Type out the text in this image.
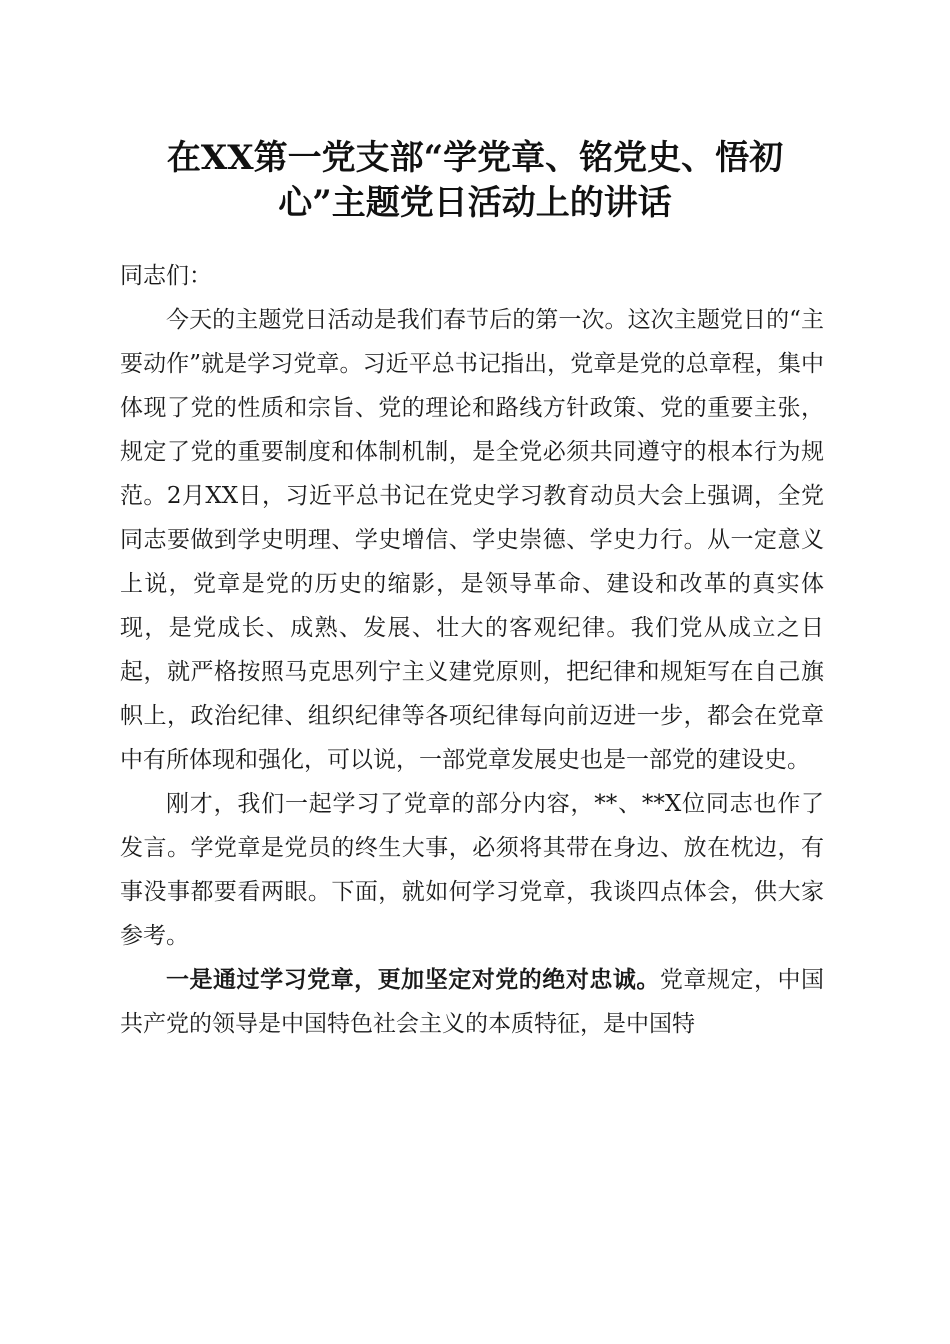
在XX第一党支部“学党章、铭党史、悟初
心”主题党日活动上的讲话

同志们：

今天的主题党日活动是我们春节后的第一次。这次主题党日的“主要动作”就是学习党章。习近平总书记指出，党章是党的总章程，集中体现了党的性质和宗旨、党的理论和路线方针政策、党的重要主张，规定了党的重要制度和体制机制，是全党必须共同遵守的根本行为规范。2月XX日，习近平总书记在党史学习教育动员大会上强调，全党同志要做到学史明理、学史增信、学史崇德、学史力行。从一定意义上说，党章是党的历史的缩影，是领导革命、建设和改革的真实体现，是党成长、成熟、发展、壮大的客观纪律。我们党从成立之日起，就严格按照马克思列宁主义建党原则，把纪律和规矩写在自己旗帜上，政治纪律、组织纪律等各项纪律每向前迈进一步，都会在党章中有所体现和强化，可以说，一部党章发展史也是一部党的建设史。

刚才，我们一起学习了党章的部分内容，**、**X位同志也作了发言。学党章是党员的终生大事，必须将其带在身边、放在枕边，有事没事都要看两眼。下面，就如何学习党章，我谈四点体会，供大家参考。

一是通过学习党章，更加坚定对党的绝对忠诚。党章规定，中国共产党的领导是中国特色社会主义的本质特征，是中国特
